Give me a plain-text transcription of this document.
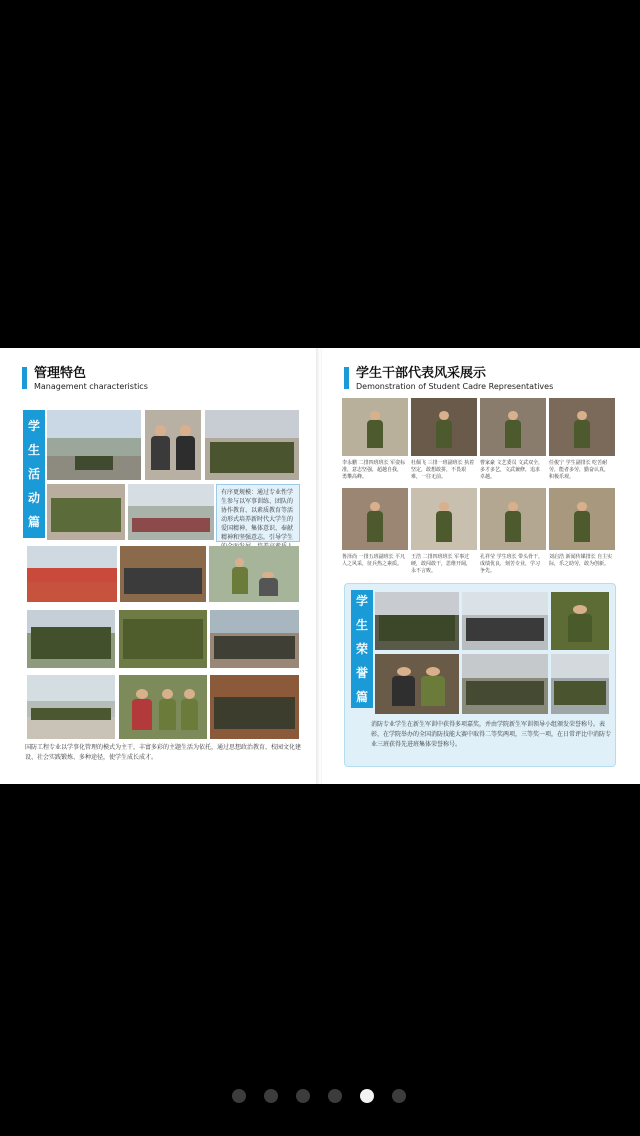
管理特色
Management characteristics
学
生
活
动
篇
有序更规模：通过专业性学生参与以军事训练、团队的协作教育、以素质教育等活动形式培养新时代大学生的爱国精神、集体意识、奉献精神和坚强意志，引导学生
国防工程专业以学事化管理的模式为主干，丰富多彩的主题生活为依托，通过思想政治教育、校园文化建设、社会实践锻炼、多种途径，使学生成长成才。
学生干部代表风采展示
Demonstration of Student Cadre Representatives
李永鹏 二排四班班长 军姿标准，意志坚强，超越自我，勇攀高峰。
杜佩飞 三排一班副班长 执着坚定，敢想敢拼，不畏艰难，一往无前。
曹家豪 文艺委员 文武双全，多才多艺，文武兼修，追求卓越。
任俊宁 学生副排长 吃苦耐劳，能者多劳，勤奋认真，积极乐观。
鲁泽尚 一排五班副班长 平凡人之风采，征兵热之素质。
王浩 二排四班班长 军事过硬，敢闯敢干，思维开阔，永不言败。
孔祥莹 学生班长 带头骨干，成绩优良，刻苦专业，学习争先。
刘启浩 新闻传媒排长 自主实际，乐之助劳，敢为创新。
学
生
荣
誉
篇
消防专业学生在新生军训中获得多项嘉奖，并由学院新生军训领导小组颁发荣誉称号。表彰，在学院举办的全国消防技能大赛中取得二等奖两项，三等奖一项，在日常评比中消防专业三班获得先进班集体荣誉称号。
